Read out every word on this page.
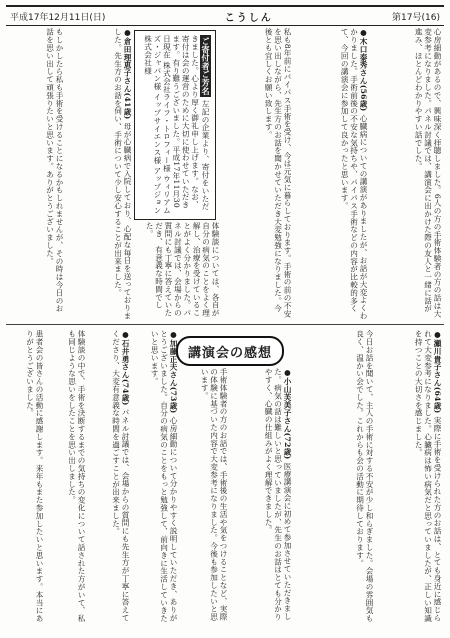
平成17年12月11日(日)	こうしん	第17号(16)
心房細動があるので、興味深く拝聴しました。6人の方の手術体験者の方の話は大変参考になりました。パネル討議では、講演会に出かけた際の友人と一緒に話が進み、ほとんどわかりやすい話でした。
●木口泰秀さん(56歳) 心臓病についての講演がありましたが、お話が大変よくわかりました。手術前後の不安な気持ちや、パイパス手術などの内容が比較的多くて、今回の講演会に参加して良かったと思います。
私も8年前にパイパス手術を受け、今は元気に暮らしております。手術の前の不安を思い出しながら、先生方のお話を聞かせていただき大変勉強になりました。今後とも宜しくお願い致します。
体験談については、各自が自分の病気のことをよく理解し、治療を受けていることがよく分かりました。パネル討議では、会場からの質問にも丁寧に答えていただき、有意義な時間でした。
●倉田理恵子さん(41歳) 母が心臓病で入院しており、心配な毎日を送っておりました。先生方のお話を伺い、手術について少し安心することが出来ました。
もしかしたら私も手術を受けることになるかもしれませんが、その時は今日のお話を思い出して頑張りたいと思います。ありがとうございました。	ご寄付者ご芳名 左記の企業より、寄付をいただきました。心より厚く御礼申し上げます。なお、寄付は会の運営のために大切に使わせていただきます。有り難うございました。平成17年11月30日現在 株式会社ライフ・トロフィー様 ウィリアムズ・ジャパン様 イップサイエンス様 アップジョン株式会社様
講演会の感想	●瀬川貴子さん(64歳) 実際に手術を受けられた方のお話は、とても身近に感じられて大変参考になりました。心臓病は怖い病気だと思っていましたが、正しい知識を持つことの大切さを感じました。
今日お話を聞いて、主人の手術に対する不安が少し和らぎました。会場の雰囲気も良く、温かい会でした。これからも会の活動に期待しております。
●小山芙美子さん(72歳) 医療講演会に初めて参加させていただきました。病気の話は難しいと思っていましたが、先生のお話はとても分かりやすく、心臓の仕組みがよく理解できました。
手術体験者の方のお話では、手術後の生活や気をつけることなど、実際の体験に基づいた内容で大変参考になりました。今後も参加したいと思います。
●加藤正夫さん(73歳) 心房細動について分かりやすく説明していただき、ありがとうございました。自分の病気のことをもっと勉強して、前向きに生活していきたいと思います。
●石井勇さん(74歳) パネル討議では、会場からの質問にも先生方が丁寧に答えてくださり、大変有意義な時間を過ごすことが出来ました。
体験談の中で、手術を決断するまでの気持ちの変化について話された方がいて、私も同じような思いをしたことを思い出しました。
患者会の皆さんの活動に感謝します。来年もまた参加したいと思います。本当にありがとうございました。
